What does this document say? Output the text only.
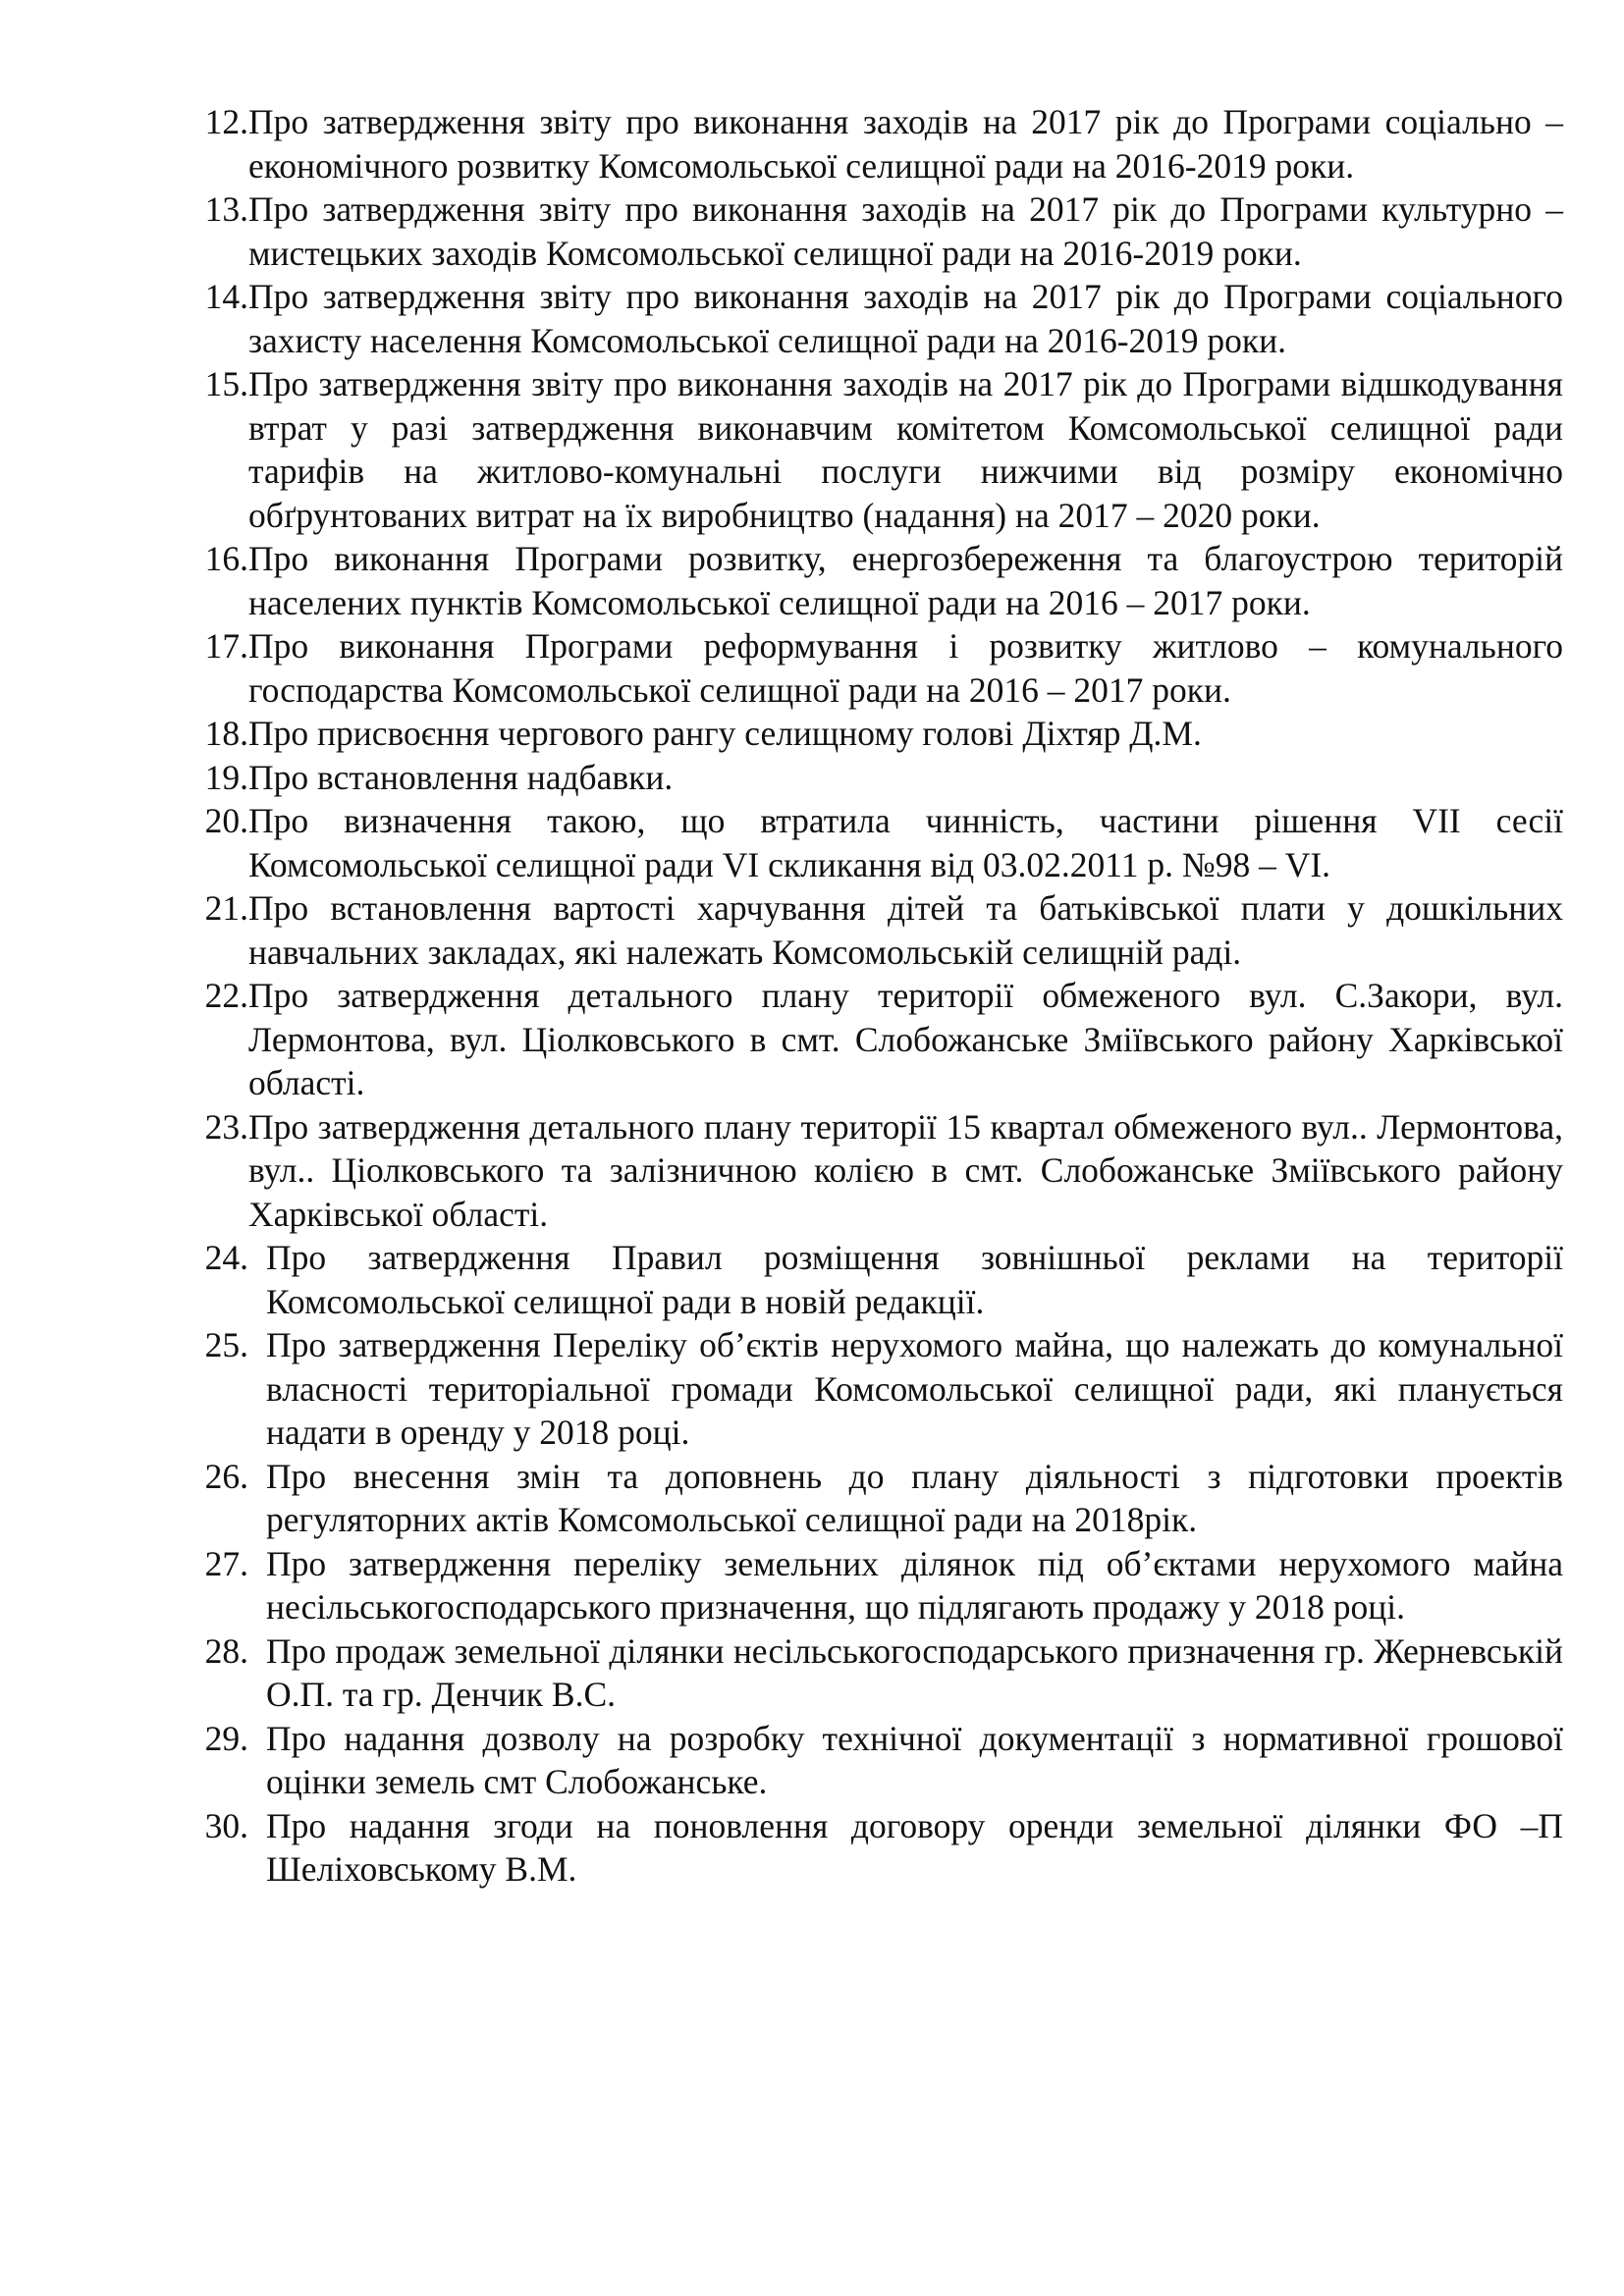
12. Про затвердження звіту про виконання заходів на 2017 рік до Програми соціально – економічного розвитку Комсомольської селищної ради на 2016-2019 роки.
13. Про затвердження звіту про виконання заходів на 2017 рік до Програми культурно – мистецьких заходів Комсомольської селищної ради на 2016-2019 роки.
14. Про затвердження звіту про виконання заходів на 2017 рік до Програми соціального захисту населення Комсомольської селищної ради на 2016-2019 роки.
15. Про затвердження звіту про виконання заходів на 2017 рік до Програми відшкодування втрат у разі затвердження виконавчим комітетом Комсомольської селищної ради тарифів на житлово-комунальні послуги нижчими від розміру економічно обґрунтованих витрат на їх виробництво (надання) на 2017 – 2020 роки.
16. Про виконання Програми розвитку, енергозбереження та благоустрою територій населених пунктів Комсомольської селищної ради на 2016 – 2017 роки.
17. Про виконання Програми реформування і розвитку житлово – комунального господарства Комсомольської селищної ради на 2016 – 2017 роки.
18. Про присвоєння чергового рангу селищному голові Діхтяр Д.М.
19. Про встановлення надбавки.
20. Про визначення такою, що втратила чинність, частини рішення VII сесії Комсомольської селищної ради VI скликання від 03.02.2011 р. №98 – VI.
21. Про встановлення вартості харчування дітей та батьківської плати у дошкільних навчальних закладах, які належать Комсомольській селищній раді.
22. Про затвердження детального плану території обмеженого вул. С.Закори, вул. Лермонтова, вул. Ціолковського в смт. Слобожанське Зміївського району Харківської області.
23. Про затвердження детального плану території 15 квартал обмеженого вул.. Лермонтова, вул.. Ціолковського та залізничною колією в смт. Слобожанське Зміївського району Харківської області.
24. Про затвердження Правил розміщення зовнішньої реклами на території Комсомольської селищної ради в новій редакції.
25. Про затвердження Переліку об’єктів нерухомого майна, що належать до комунальної власності територіальної громади Комсомольської селищної ради, які планується надати в оренду у 2018 році.
26. Про внесення змін та доповнень до плану діяльності з підготовки проектів регуляторних актів Комсомольської селищної ради на 2018рік.
27. Про затвердження переліку земельних ділянок під об’єктами нерухомого майна несільськогосподарського призначення, що підлягають продажу у 2018 році.
28. Про продаж земельної ділянки несільськогосподарського призначення гр. Жерневській О.П. та гр. Денчик В.С.
29. Про надання дозволу на розробку технічної документації з нормативної грошової оцінки земель смт Слобожанське.
30. Про надання згоди на поновлення договору оренди земельної ділянки ФО –П Шеліховському В.М.
